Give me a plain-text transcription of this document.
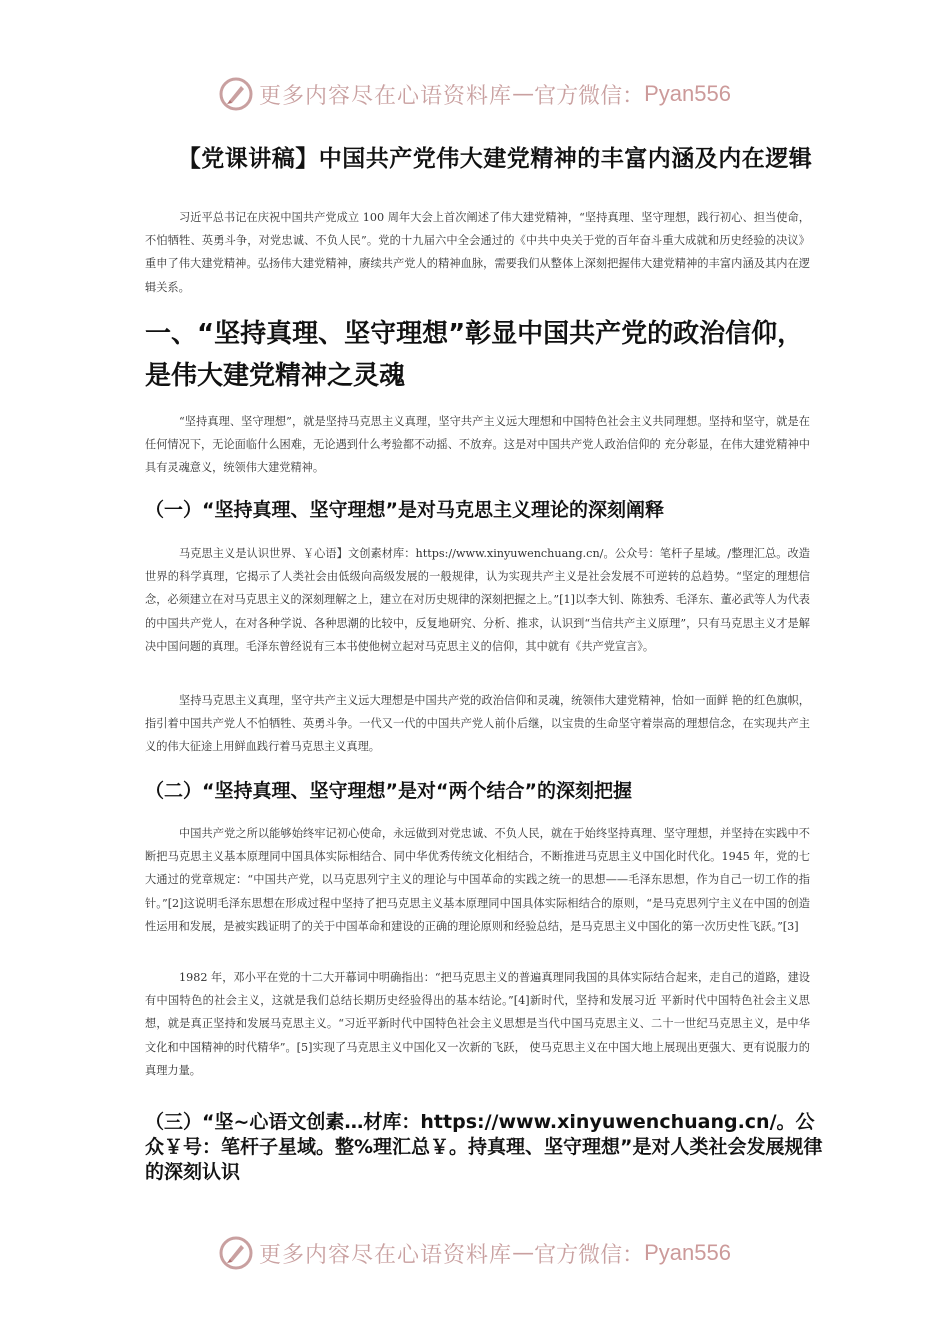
更多内容尽在心语资料库 — 官方微信： Pyan556
【党课讲稿】中国共产党伟大建党精神的丰富内涵及内在逻辑

习近平总书记在庆祝中国共产党成立 100 周年大会上首次阐述了伟大建党精神，“坚持真理、坚守理想，践行初心、担当使命，不怕牺牲、英勇斗争，对党忠诚、不负人民”。党的十九届六中全会通过的《中共中央关于党的百年奋斗重大成就和历史经验的决议》重申了伟大建党精神。弘扬伟大建党精神，赓续共产党人的精神血脉，需要我们从整体上深刻把握伟大建党精神的丰富内涵及其内在逻辑关系。

一、“坚持真理、坚守理想”彰显中国共产党的政治信仰，是伟大建党精神之灵魂

“坚持真理、坚守理想”，就是坚持马克思主义真理，坚守共产主义远大理想和中国特色社会主义共同理想。坚持和坚守，就是在任何情况下，无论面临什么困难，无论遇到什么考验都不动摇、不放弃。这是对中国共产党人政治信仰的 充分彰显，在伟大建党精神中具有灵魂意义，统领伟大建党精神。

（一）“坚持真理、坚守理想”是对马克思主义理论的深刻阐释

马克思主义是认识世界、￥心语】文创素材库：https://www.xinyuwenchuang.cn/。公众号：笔杆子星域。/整理汇总。改造世界的科学真理，它揭示了人类社会由低级向高级发展的一般规律，认为实现共产主义是社会发展不可逆转的总趋势。“坚定的理想信念，必须建立在对马克思主义的深刻理解之上，建立在对历史规律的深刻把握之上。”[1]以李大钊、陈独秀、毛泽东、董必武等人为代表的中国共产党人，在对各种学说、各种思潮的比较中，反复地研究、分析、推求，认识到“当信共产主义原理”，只有马克思主义才是解决中国问题的真理。毛泽东曾经说有三本书使他树立起对马克思主义的信仰，其中就有《共产党宣言》。

坚持马克思主义真理，坚守共产主义远大理想是中国共产党的政治信仰和灵魂，统领伟大建党精神，恰如一面鲜 艳的红色旗帜，指引着中国共产党人不怕牺牲、英勇斗争。一代又一代的中国共产党人前仆后继，以宝贵的生命坚守着崇高的理想信念，在实现共产主义的伟大征途上用鲜血践行着马克思主义真理。

（二）“坚持真理、坚守理想”是对“两个结合”的深刻把握

中国共产党之所以能够始终牢记初心使命，永远做到对党忠诚、不负人民，就在于始终坚持真理、坚守理想，并坚持在实践中不断把马克思主义基本原理同中国具体实际相结合、同中华优秀传统文化相结合，不断推进马克思主义中国化时代化。1945 年，党的七大通过的党章规定：“中国共产党，以马克思列宁主义的理论与中国革命的实践之统一的思想——毛泽东思想，作为自己一切工作的指针。”[2]这说明毛泽东思想在形成过程中坚持了把马克思主义基本原理同中国具体实际相结合的原则，“是马克思列宁主义在中国的创造性运用和发展，是被实践证明了的关于中国革命和建设的正确的理论原则和经验总结，是马克思主义中国化的第一次历史性飞跃。”[3]

1982 年，邓小平在党的十二大开幕词中明确指出：“把马克思主义的普遍真理同我国的具体实际结合起来，走自己的道路，建设有中国特色的社会主义，这就是我们总结长期历史经验得出的基本结论。”[4]新时代，坚持和发展习近 平新时代中国特色社会主义思想，就是真正坚持和发展马克思主义。“习近平新时代中国特色社会主义思想是当代中国马克思主义、二十一世纪马克思主义，是中华文化和中国精神的时代精华”。[5]实现了马克思主义中国化又一次新的飞跃， 使马克思主义在中国大地上展现出更强大、更有说服力的真理力量。

（三）“坚~心语文创素…材库：https://www.xinyuwenchuang.cn/。公众￥号：笔杆子星域。整%理汇总￥。持真理、坚守理想”是对人类社会发展规律的深刻认识
更多内容尽在心语资料库 — 官方微信： Pyan556
